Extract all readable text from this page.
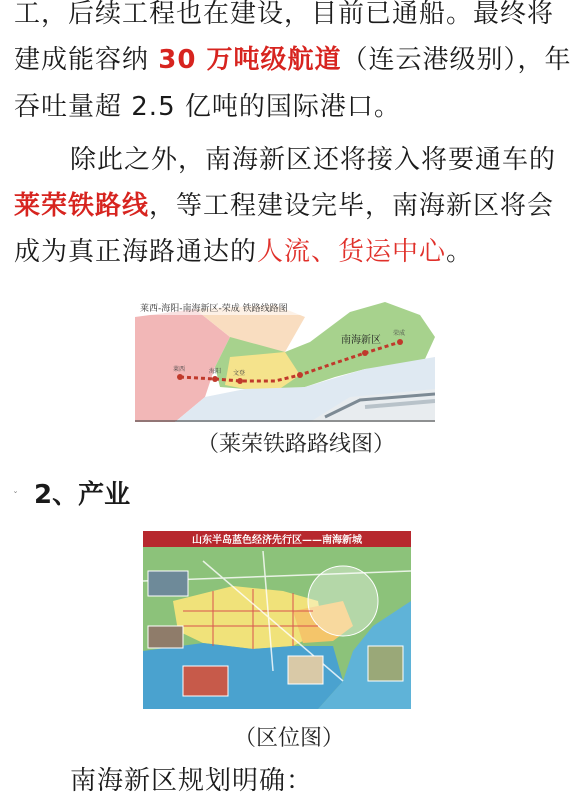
工，后续工程也在建设，目前已通船。最终将
建成能容纳 30 万吨级航道（连云港级别），年
吞吐量超 2.5 亿吨的国际港口。
除此之外，南海新区还将接入将要通车的
莱荣铁路线，等工程建设完毕，南海新区将会
成为真正海路通达的人流、货运中心。
莱西-海阳-南海新区-荣成 铁路线路图
南海新区
莱西	海阳 文登
荣成
（莱荣铁路路线图）
ˇ 2、产业
山东半岛蓝色经济先行区——南海新城
（区位图）
南海新区规划明确：
